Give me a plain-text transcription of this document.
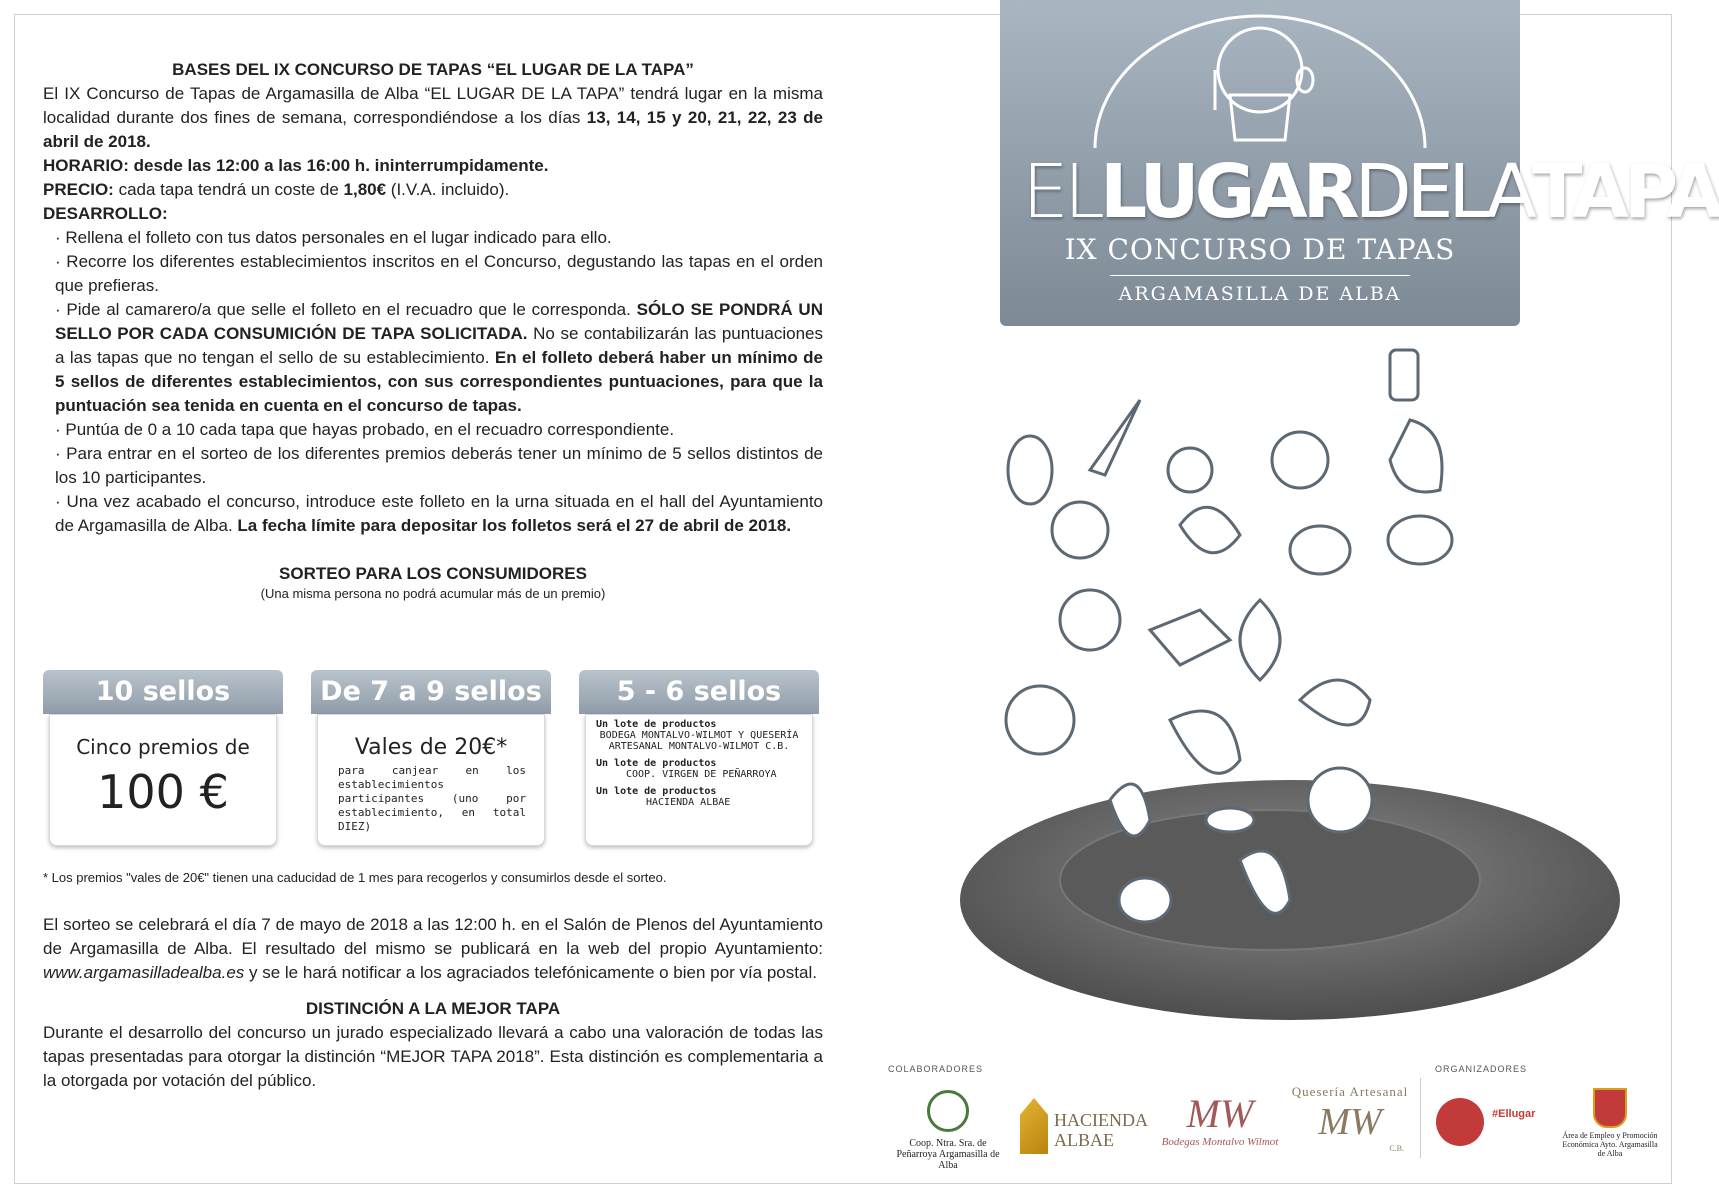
BASES DEL IX CONCURSO DE TAPAS “EL LUGAR DE LA TAPA”

El IX Concurso de Tapas de Argamasilla de Alba “EL LUGAR DE LA TAPA” tendrá lugar en la misma localidad durante dos fines de semana, correspondiéndose a los días 13, 14, 15 y 20, 21, 22, 23 de abril de 2018.

HORARIO: desde las 12:00 a las 16:00 h. ininterrumpidamente.

PRECIO: cada tapa tendrá un coste de 1,80€ (I.V.A. incluido).

DESARROLLO:

· Rellena el folleto con tus datos personales en el lugar indicado para ello.

· Recorre los diferentes establecimientos inscritos en el Concurso, degustando las tapas en el orden que prefieras.

· Pide al camarero/a que selle el folleto en el recuadro que le corresponda. SÓLO SE PONDRÁ UN SELLO POR CADA CONSUMICIÓN DE TAPA SOLICITADA. No se contabilizarán las puntuaciones a las tapas que no tengan el sello de su establecimiento. En el folleto deberá haber un mínimo de 5 sellos de diferentes establecimientos, con sus correspondientes puntuaciones, para que la puntuación sea tenida en cuenta en el concurso de tapas.

· Puntúa de 0 a 10 cada tapa que hayas probado, en el recuadro correspondiente.

· Para entrar en el sorteo de los diferentes premios deberás tener un mínimo de 5 sellos distintos de los 10 participantes.

· Una vez acabado el concurso, introduce este folleto en la urna situada en el hall del Ayuntamiento de Argamasilla de Alba. La fecha límite para depositar los folletos será el 27 de abril de 2018.

SORTEO PARA LOS CONSUMIDORES

(Una misma persona no podrá acumular más de un premio)

10 sellos
Cinco premios de
100 €
De 7 a 9 sellos
Vales de 20€*
para canjear en los establecimientos participantes (uno por establecimiento, en total DIEZ)
5 - 6 sellos
Un lote de productos
BODEGA MONTALVO-WILMOT Y QUESERÍA ARTESANAL MONTALVO-WILMOT C.B.
Un lote de productos
COOP. VIRGEN DE PEÑARROYA
Un lote de productos
HACIENDA ALBAE
* Los premios "vales de 20€" tienen una caducidad de 1 mes para recogerlos y consumirlos desde el sorteo.

El sorteo se celebrará el día 7 de mayo de 2018 a las 12:00 h. en el Salón de Plenos del Ayuntamiento de Argamasilla de Alba. El resultado del mismo se publicará en la web del propio Ayuntamiento: www.argamasilladealba.es y se le hará notificar a los agraciados telefónicamente o bien por vía postal.

DISTINCIÓN A LA MEJOR TAPA

Durante el desarrollo del concurso un jurado especializado llevará a cabo una valoración de todas las tapas presentadas para otorgar la distinción “MEJOR TAPA 2018”. Esta distinción es complementaria a la otorgada por votación del público.

ELLUGARDELATAPA
IX CONCURSO DE TAPAS
ARGAMASILLA DE ALBA
COLABORADORES	ORGANIZADORES
Coop. Ntra. Sra. de Peñarroya Argamasilla de Alba
HACIENDA
ALBAE
MW
Bodegas Montalvo Wilmot
Quesería Artesanal
MW
C.B.
#Ellugar
Área de Empleo y Promoción Económica Ayto. Argamasilla de Alba
